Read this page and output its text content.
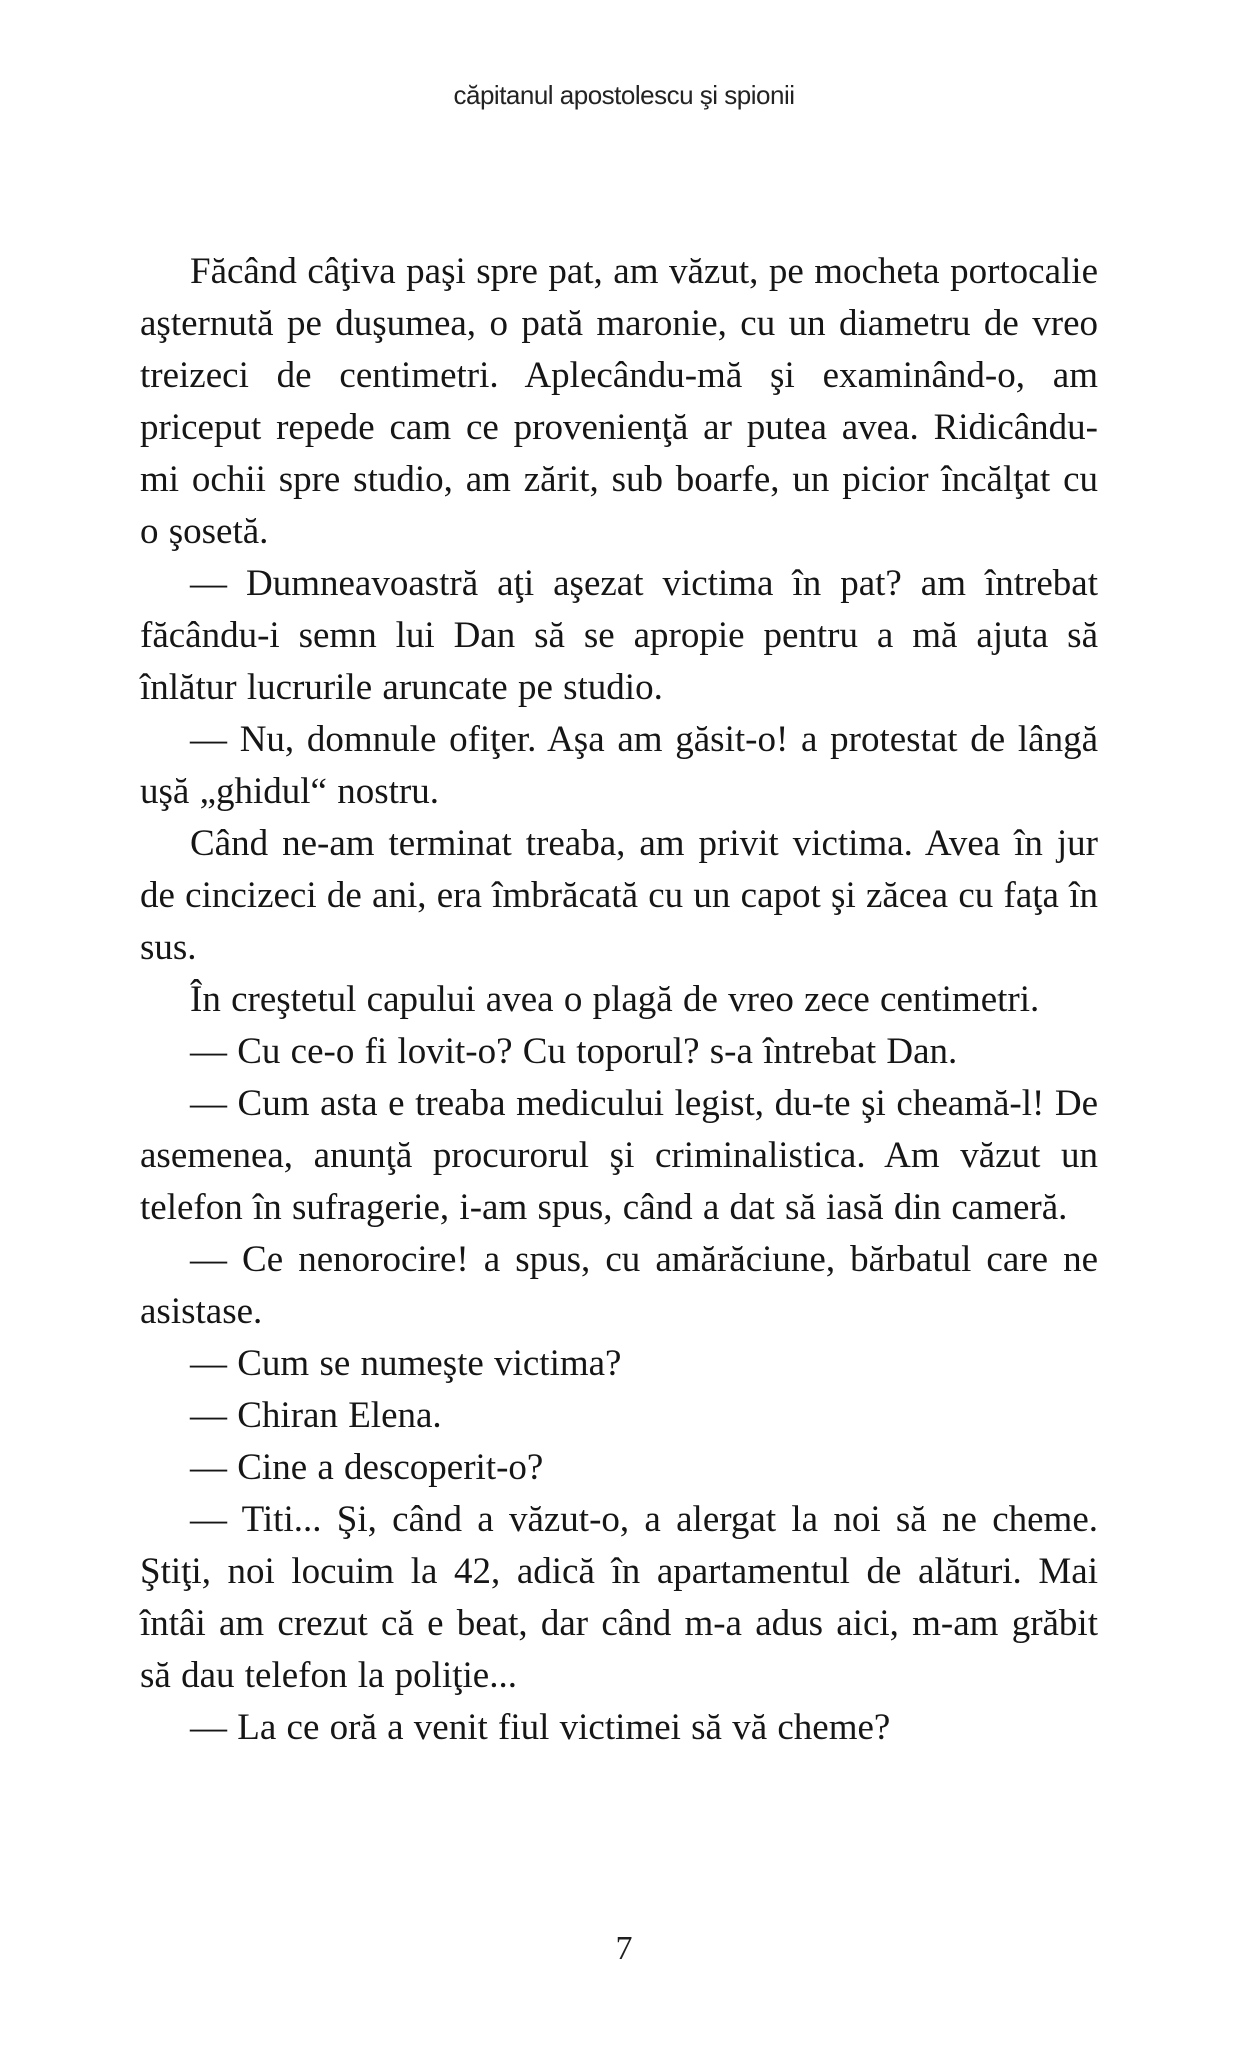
căpitanul apostolescu şi spionii

Făcând câţiva paşi spre pat, am văzut, pe mocheta portocalie aşternută pe duşumea, o pată maronie, cu un diametru de vreo treizeci de centimetri. Aplecându-mă şi examinând-o, am priceput repede cam ce provenienţă ar putea avea. Ridicându-mi ochii spre studio, am zărit, sub boarfe, un picior încălţat cu o şosetă.

— Dumneavoastră aţi aşezat victima în pat? am întrebat făcându-i semn lui Dan să se apropie pentru a mă ajuta să înlătur lucrurile aruncate pe studio.

— Nu, domnule ofiţer. Aşa am găsit-o! a protestat de lângă uşă „ghidul“ nostru.

Când ne-am terminat treaba, am privit victima. Avea în jur de cincizeci de ani, era îmbrăcată cu un capot şi zăcea cu faţa în sus.

În creştetul capului avea o plagă de vreo zece centimetri.

— Cu ce-o fi lovit-o? Cu toporul? s-a întrebat Dan.

— Cum asta e treaba medicului legist, du-te şi cheamă-l! De asemenea, anunţă procurorul şi criminalistica. Am văzut un telefon în sufragerie, i-am spus, când a dat să iasă din cameră.

— Ce nenorocire! a spus, cu amărăciune, bărbatul care ne asistase.

— Cum se numeşte victima?

— Chiran Elena.

— Cine a descoperit-o?

— Titi... Şi, când a văzut-o, a alergat la noi să ne cheme. Ştiţi, noi locuim la 42, adică în apartamentul de alături. Mai întâi am crezut că e beat, dar când m-a adus aici, m-am grăbit să dau telefon la poliţie...

— La ce oră a venit fiul victimei să vă cheme?

7
